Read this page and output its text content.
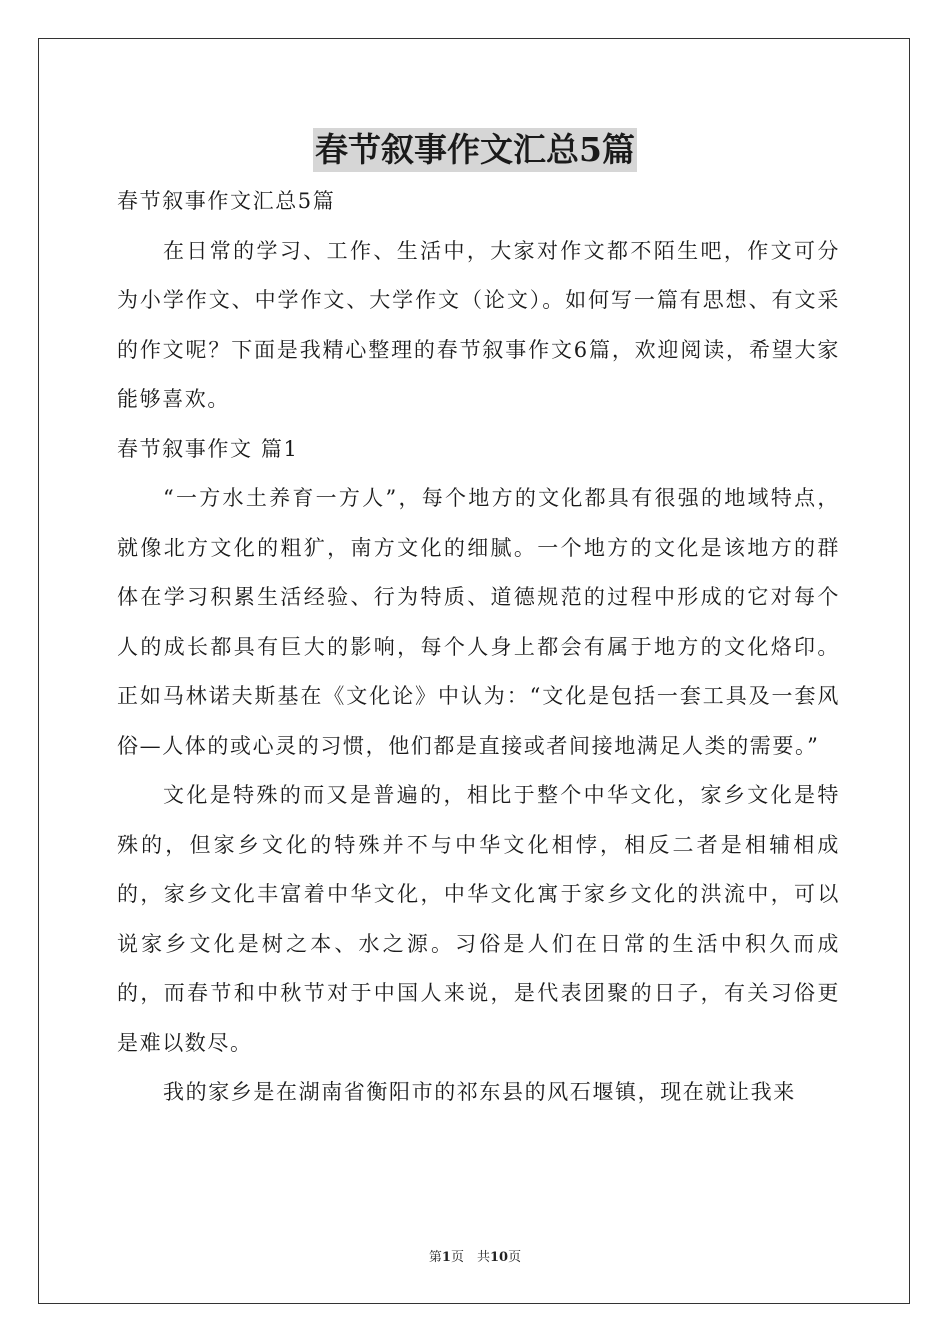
春节叙事作文汇总5篇

春节叙事作文汇总5篇

在日常的学习、工作、生活中，大家对作文都不陌生吧，作文可分为小学作文、中学作文、大学作文（论文）。如何写一篇有思想、有文采的作文呢？下面是我精心整理的春节叙事作文6篇，欢迎阅读，希望大家能够喜欢。

春节叙事作文 篇1

“一方水土养育一方人”，每个地方的文化都具有很强的地域特点，就像北方文化的粗犷，南方文化的细腻。一个地方的文化是该地方的群体在学习积累生活经验、行为特质、道德规范的过程中形成的它对每个人的成长都具有巨大的影响，每个人身上都会有属于地方的文化烙印。正如马林诺夫斯基在《文化论》中认为：“文化是包括一套工具及一套风俗—人体的或心灵的习惯，他们都是直接或者间接地满足人类的需要。”

文化是特殊的而又是普遍的，相比于整个中华文化，家乡文化是特殊的，但家乡文化的特殊并不与中华文化相悖，相反二者是相辅相成的，家乡文化丰富着中华文化，中华文化寓于家乡文化的洪流中，可以说家乡文化是树之本、水之源。习俗是人们在日常的生活中积久而成的，而春节和中秋节对于中国人来说，是代表团聚的日子，有关习俗更是难以数尽。

我的家乡是在湖南省衡阳市的祁东县的风石堰镇，现在就让我来

第1页　共10页
